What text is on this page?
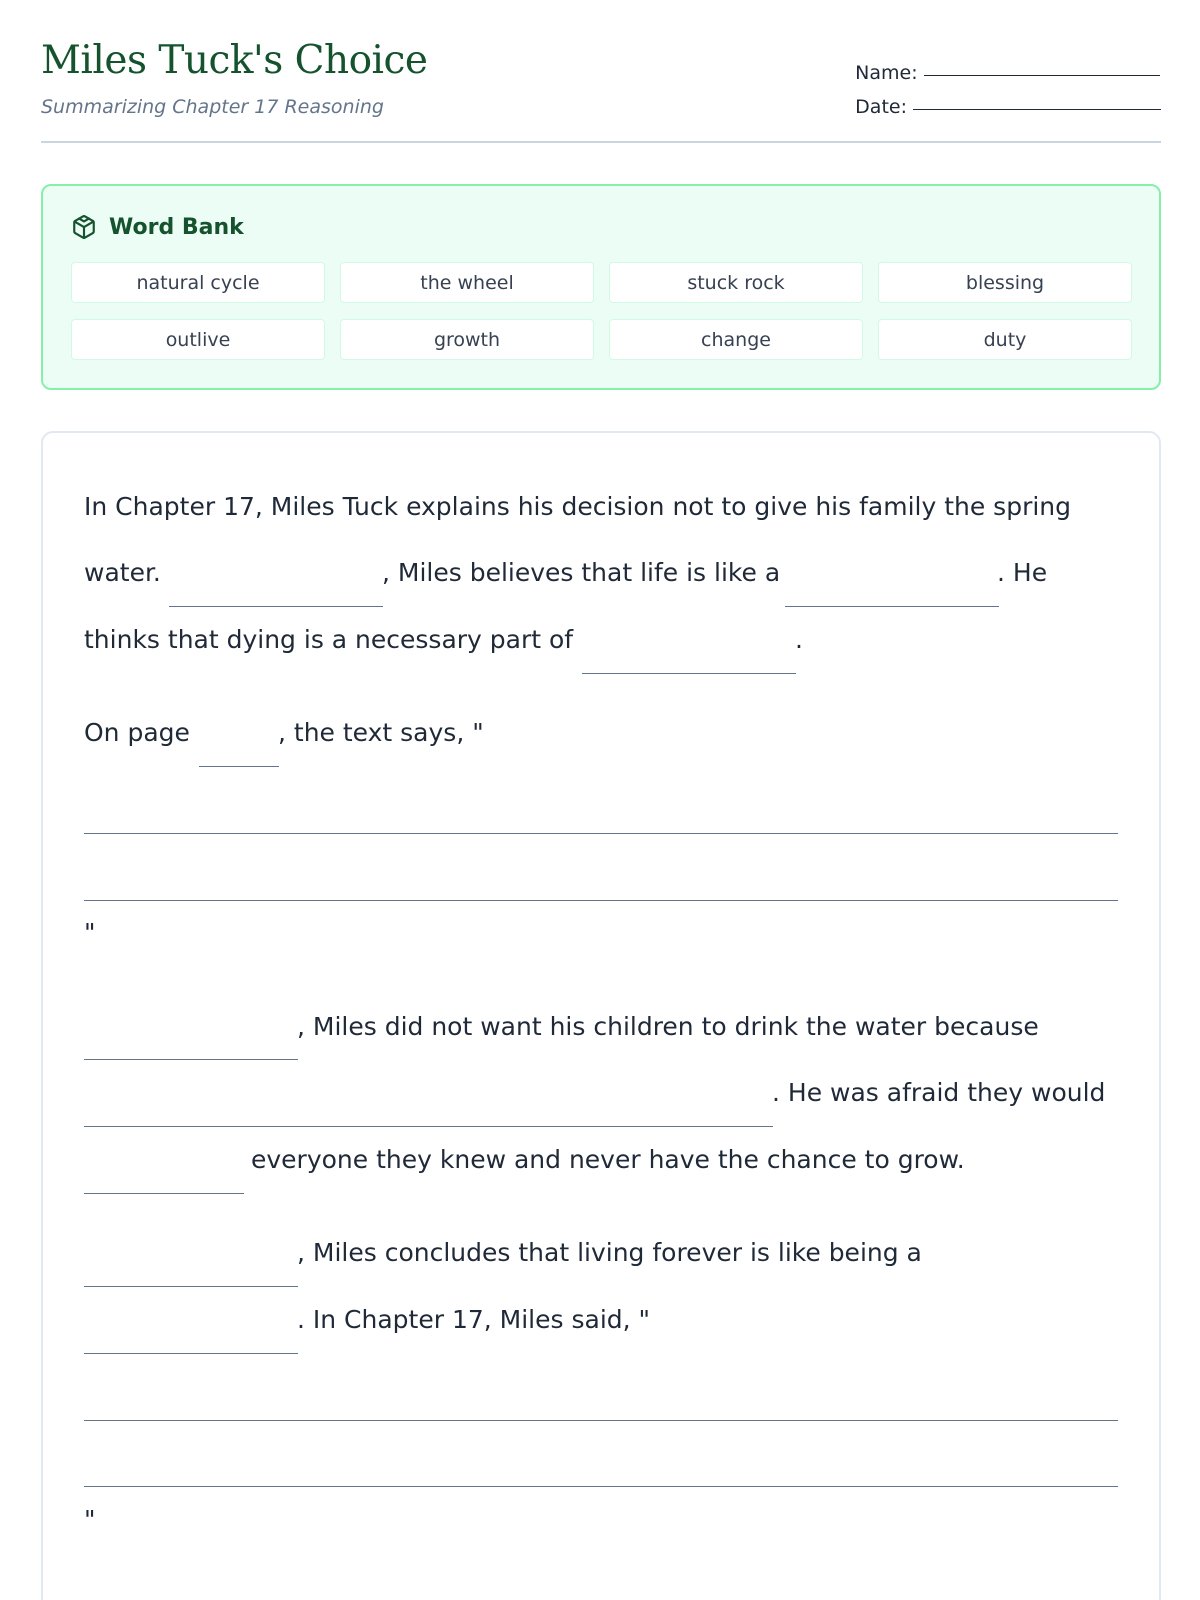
Miles Tuck's Choice
Summarizing Chapter 17 Reasoning
Name:
Date:
Word Bank
natural cycle	the wheel	stuck rock	blessing
outlive	growth	change	duty
In Chapter 17, Miles Tuck explains his decision not to give his family the spring
water.	, Miles believes that life is like a	. He
thinks that dying is a necessary part of	.
On page	, the text says, "
"
, Miles did not want his children to drink the water because
. He was afraid they would
everyone they knew and never have the chance to grow.
, Miles concludes that living forever is like being a
. In Chapter 17, Miles said, "
"
